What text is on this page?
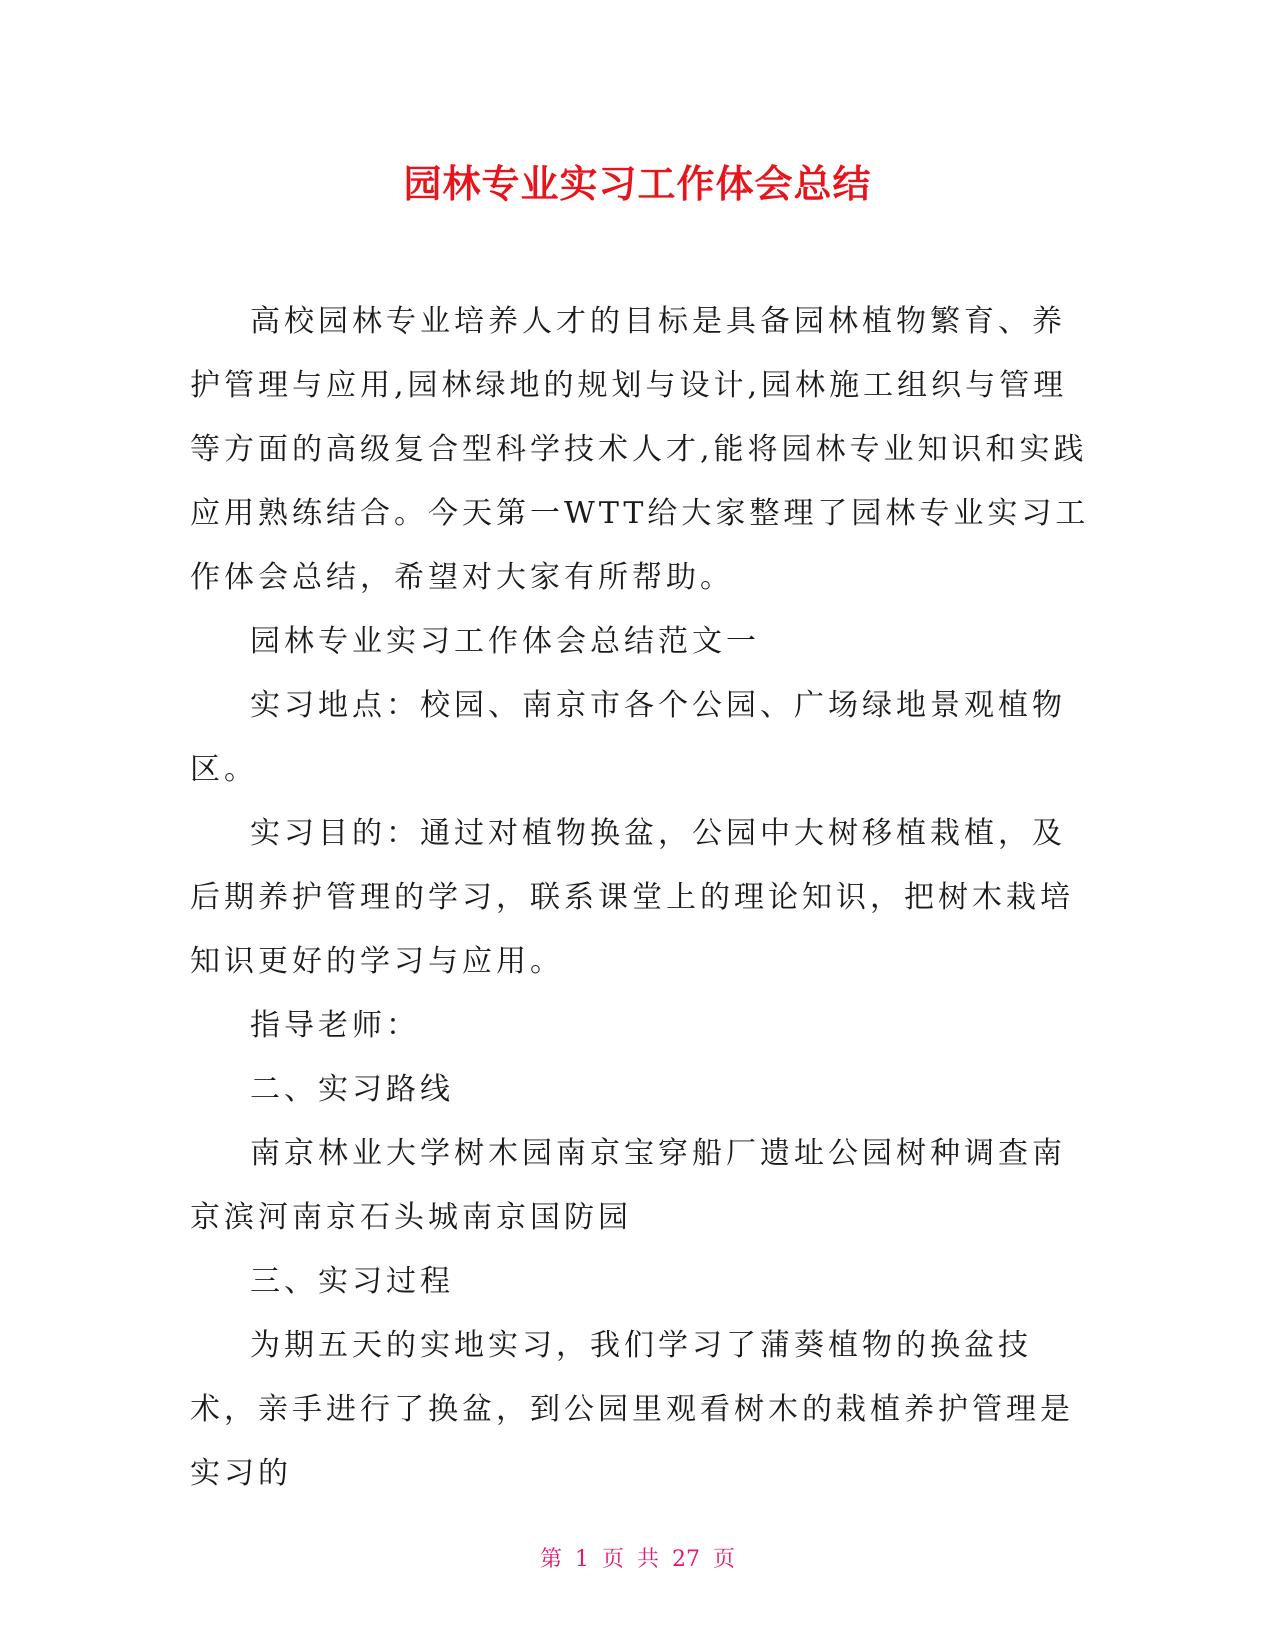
园林专业实习工作体会总结

高校园林专业培养人才的目标是具备园林植物繁育、养护管理与应用,园林绿地的规划与设计,园林施工组织与管理等方面的高级复合型科学技术人才,能将园林专业知识和实践应用熟练结合。今天第一WTT给大家整理了园林专业实习工作体会总结，希望对大家有所帮助。

园林专业实习工作体会总结范文一

实习地点：校园、南京市各个公园、广场绿地景观植物区。

实习目的：通过对植物换盆，公园中大树移植栽植，及后期养护管理的学习，联系课堂上的理论知识，把树木栽培知识更好的学习与应用。

指导老师：

二、实习路线

南京林业大学树木园南京宝穿船厂遗址公园树种调查南京滨河南京石头城南京国防园

三、实习过程

为期五天的实地实习，我们学习了蒲葵植物的换盆技术，亲手进行了换盆，到公园里观看树木的栽植养护管理是实习的

第 1 页 共 27 页
